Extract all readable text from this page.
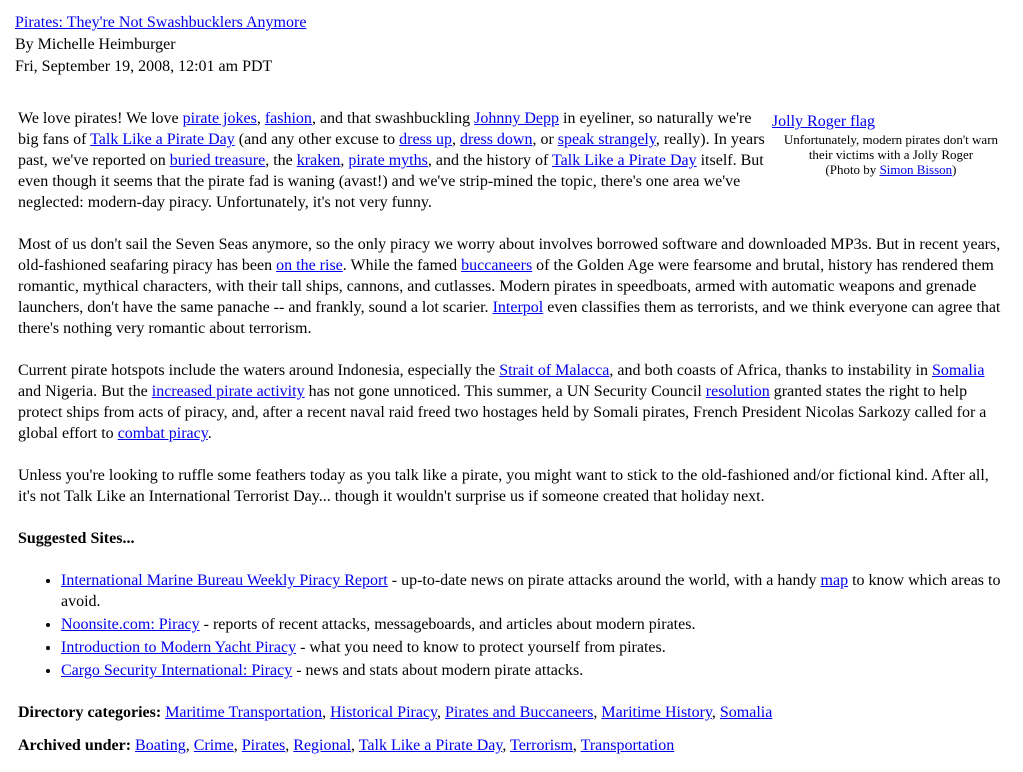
Pirates: They're Not Swashbucklers Anymore
By Michelle Heimburger
Fri, September 19, 2008, 12:01 am PDT

We love pirates! We love pirate jokes, fashion, and that swashbuckling Johnny Depp in eyeliner, so naturally we're big fans of Talk Like a Pirate Day (and any other excuse to dress up, dress down, or speak strangely, really). In years past, we've reported on buried treasure, the kraken, pirate myths, and the history of Talk Like a Pirate Day itself. But even though it seems that the pirate fad is waning (avast!) and we've strip-mined the topic, there's one area we've neglected: modern-day piracy. Unfortunately, it's not very funny.

Jolly Roger flag
Unfortunately, modern pirates don't warn their victims with a Jolly Roger
(Photo by Simon Bisson)

Most of us don't sail the Seven Seas anymore, so the only piracy we worry about involves borrowed software and downloaded MP3s. But in recent years, old-fashioned seafaring piracy has been on the rise. While the famed buccaneers of the Golden Age were fearsome and brutal, history has rendered them romantic, mythical characters, with their tall ships, cannons, and cutlasses. Modern pirates in speedboats, armed with automatic weapons and grenade launchers, don't have the same panache -- and frankly, sound a lot scarier. Interpol even classifies them as terrorists, and we think everyone can agree that there's nothing very romantic about terrorism.

Current pirate hotspots include the waters around Indonesia, especially the Strait of Malacca, and both coasts of Africa, thanks to instability in Somalia and Nigeria. But the increased pirate activity has not gone unnoticed. This summer, a UN Security Council resolution granted states the right to help protect ships from acts of piracy, and, after a recent naval raid freed two hostages held by Somali pirates, French President Nicolas Sarkozy called for a global effort to combat piracy.

Unless you're looking to ruffle some feathers today as you talk like a pirate, you might want to stick to the old-fashioned and/or fictional kind. After all, it's not Talk Like an International Terrorist Day... though it wouldn't surprise us if someone created that holiday next.

Suggested Sites...
• International Marine Bureau Weekly Piracy Report - up-to-date news on pirate attacks around the world, with a handy map to know which areas to avoid.
• Noonsite.com: Piracy - reports of recent attacks, messageboards, and articles about modern pirates.
• Introduction to Modern Yacht Piracy - what you need to know to protect yourself from pirates.
• Cargo Security International: Piracy - news and stats about modern pirate attacks.
Directory categories: Maritime Transportation, Historical Piracy, Pirates and Buccaneers, Maritime History, Somalia
Archived under: Boating, Crime, Pirates, Regional, Talk Like a Pirate Day, Terrorism, Transportation
